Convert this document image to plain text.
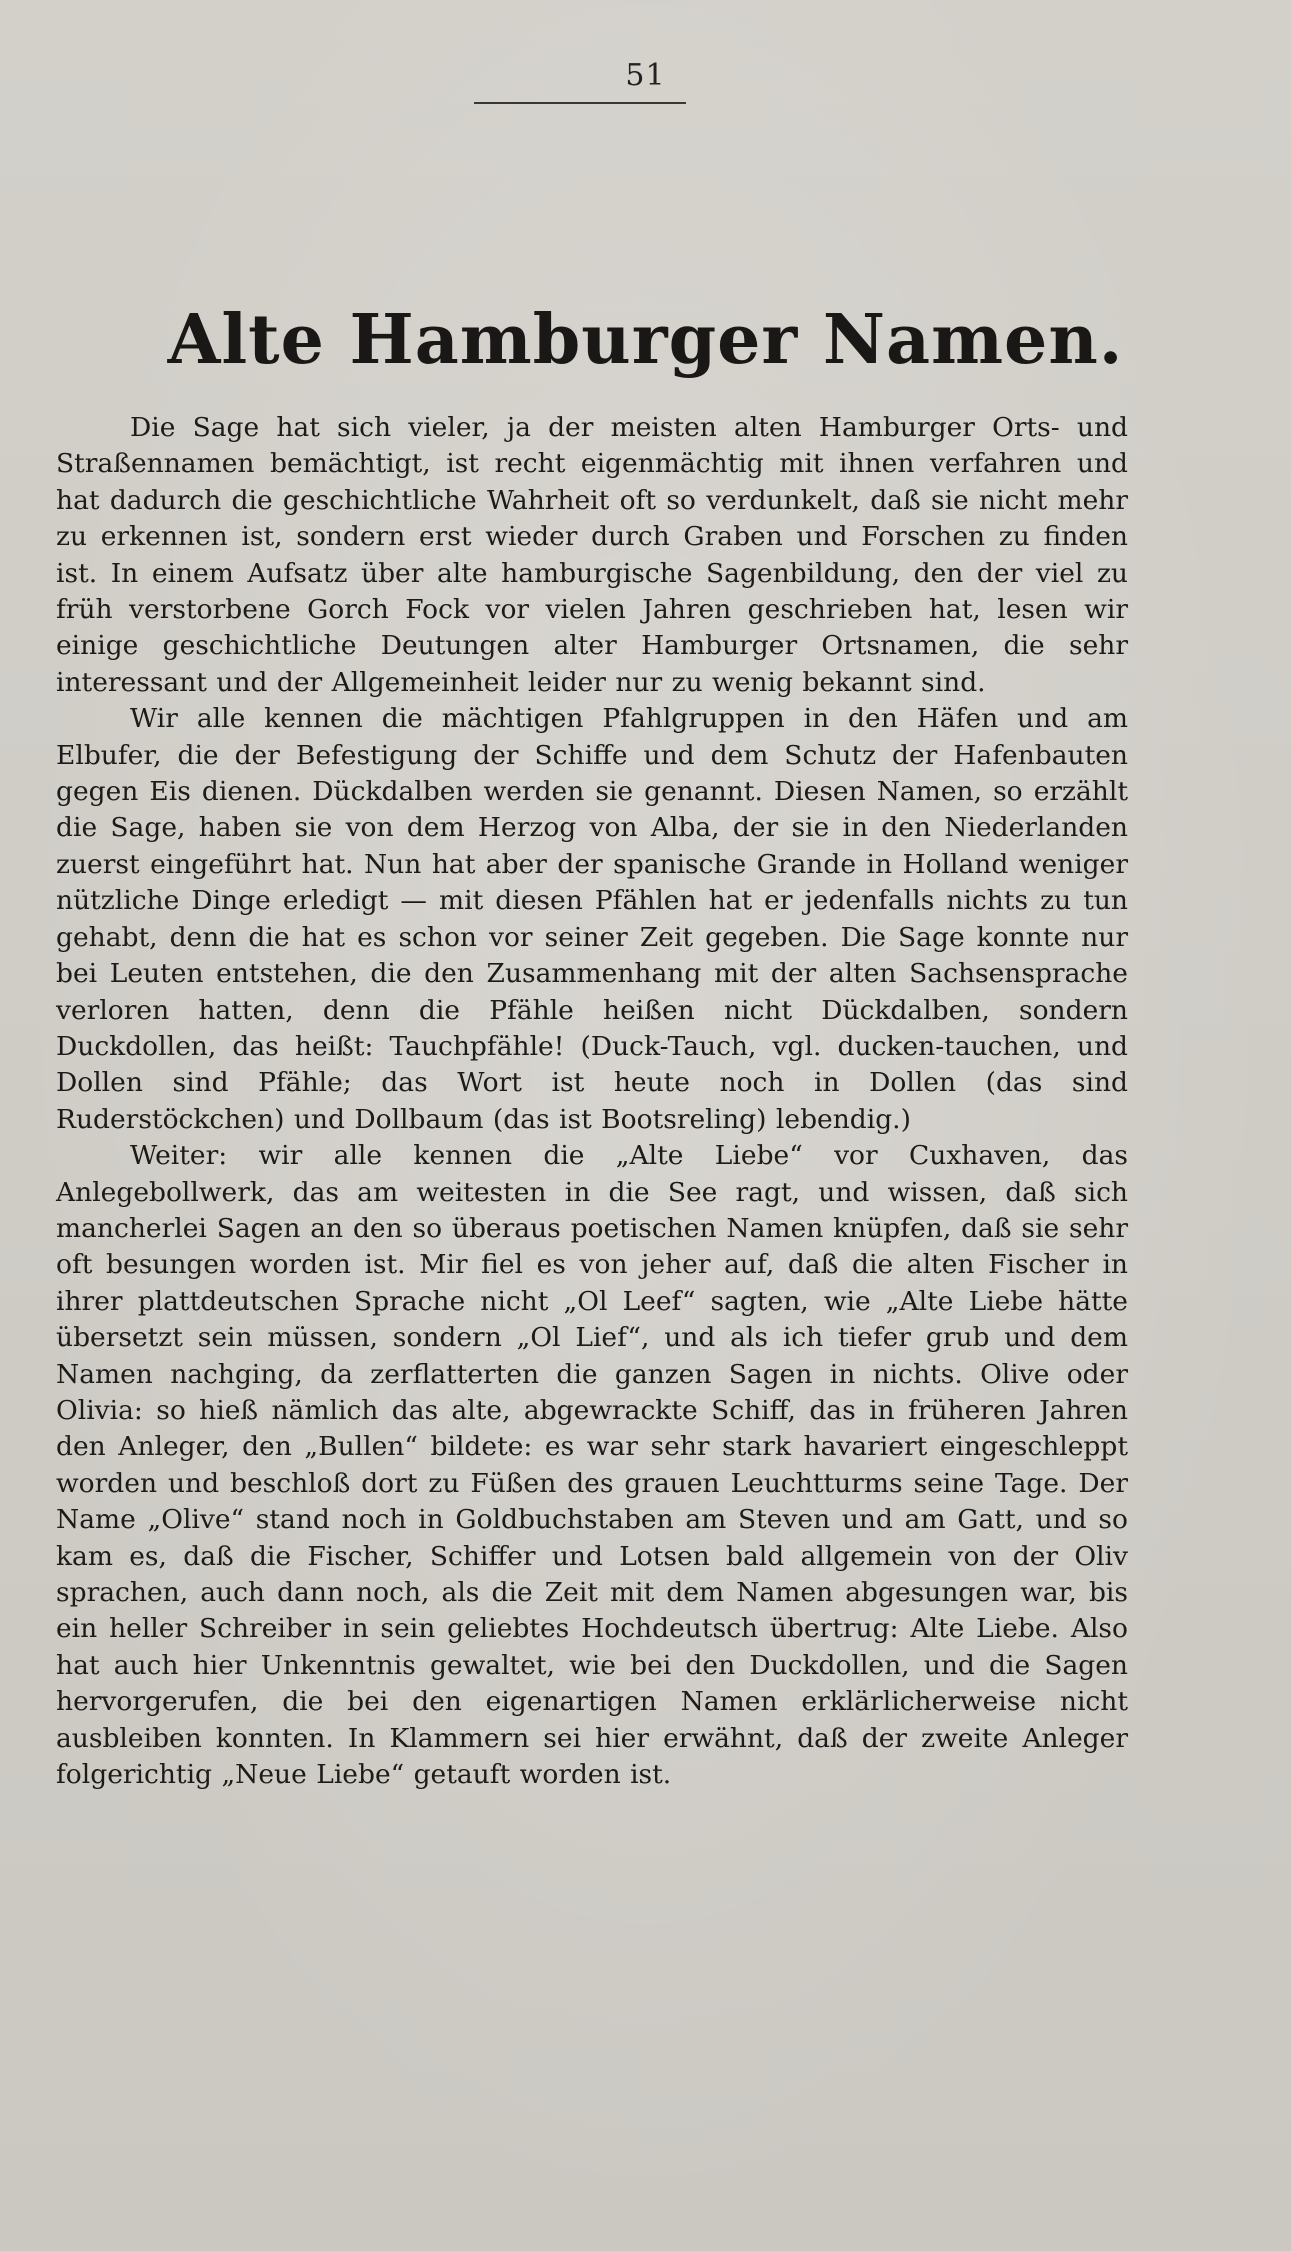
51
Alte Hamburger Namen.

Die Sage hat sich vieler, ja der meisten alten Hamburger Orts- und Straßennamen bemächtigt, ist recht eigenmächtig mit ihnen verfahren und hat dadurch die geschichtliche Wahrheit oft so verdunkelt, daß sie nicht mehr zu erkennen ist, sondern erst wieder durch Graben und Forschen zu finden ist. In einem Aufsatz über alte hamburgische Sagenbildung, den der viel zu früh verstorbene Gorch Fock vor vielen Jahren geschrieben hat, lesen wir einige geschichtliche Deutungen alter Hamburger Ortsnamen, die sehr interessant und der Allgemeinheit leider nur zu wenig bekannt sind.

Wir alle kennen die mächtigen Pfahlgruppen in den Häfen und am Elbufer, die der Befestigung der Schiffe und dem Schutz der Hafenbauten gegen Eis dienen. Dückdalben werden sie genannt. Diesen Namen, so erzählt die Sage, haben sie von dem Herzog von Alba, der sie in den Niederlanden zuerst eingeführt hat. Nun hat aber der spanische Grande in Holland weniger nützliche Dinge erledigt — mit diesen Pfählen hat er jedenfalls nichts zu tun gehabt, denn die hat es schon vor seiner Zeit gegeben. Die Sage konnte nur bei Leuten entstehen, die den Zusammenhang mit der alten Sachsensprache verloren hatten, denn die Pfähle heißen nicht Dückdalben, sondern Duckdollen, das heißt: Tauchpfähle! (Duck-Tauch, vgl. ducken-tauchen, und Dollen sind Pfähle; das Wort ist heute noch in Dollen (das sind Ruderstöckchen) und Dollbaum (das ist Bootsreling) lebendig.)

Weiter: wir alle kennen die „Alte Liebe“ vor Cuxhaven, das Anlegebollwerk, das am weitesten in die See ragt, und wissen, daß sich mancherlei Sagen an den so überaus poetischen Namen knüpfen, daß sie sehr oft besungen worden ist. Mir fiel es von jeher auf, daß die alten Fischer in ihrer plattdeutschen Sprache nicht „Ol Leef“ sagten, wie „Alte Liebe hätte übersetzt sein müssen, sondern „Ol Lief“, und als ich tiefer grub und dem Namen nachging, da zerflatterten die ganzen Sagen in nichts. Olive oder Olivia: so hieß nämlich das alte, abgewrackte Schiff, das in früheren Jahren den Anleger, den „Bullen“ bildete: es war sehr stark havariert eingeschleppt worden und beschloß dort zu Füßen des grauen Leuchtturms seine Tage. Der Name „Olive“ stand noch in Goldbuchstaben am Steven und am Gatt, und so kam es, daß die Fischer, Schiffer und Lotsen bald allgemein von der Oliv sprachen, auch dann noch, als die Zeit mit dem Namen abgesungen war, bis ein heller Schreiber in sein geliebtes Hochdeutsch übertrug: Alte Liebe. Also hat auch hier Unkenntnis gewaltet, wie bei den Duckdollen, und die Sagen hervorgerufen, die bei den eigenartigen Namen erklärlicherweise nicht ausbleiben konnten. In Klammern sei hier erwähnt, daß der zweite Anleger folgerichtig „Neue Liebe“ getauft worden ist.
